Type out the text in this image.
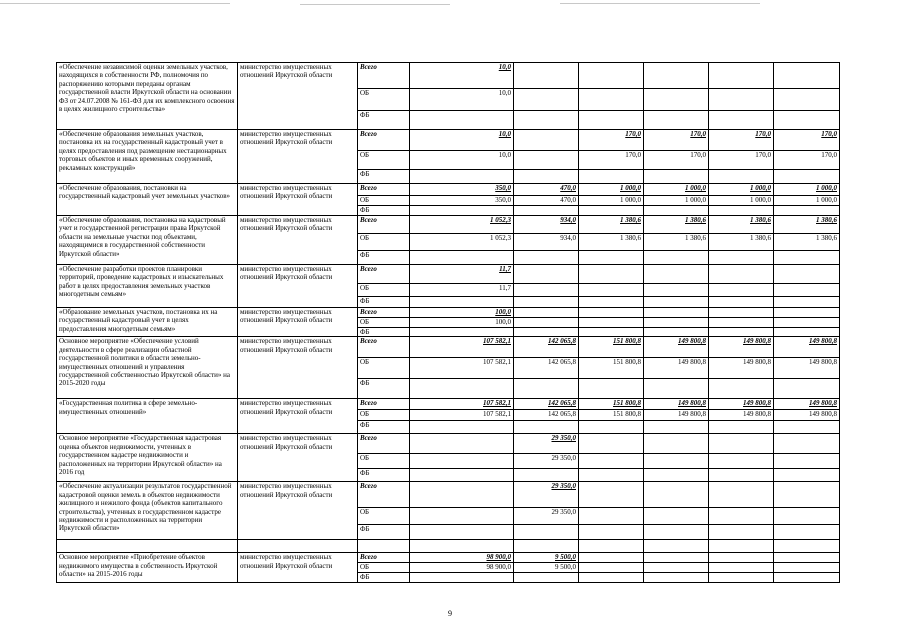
«Обеспечение независимой оценки земельных участков, находящихся в собственности РФ, полномочия по распоряжению которыми переданы органам государственной власти Иркутской области на основании ФЗ от 24.07.2008 № 161-ФЗ для их комплексного освоения в целях жилищного строительства»	министерство имущественных отношений Иркутской области	Всего	10,0					
		ОБ	10,0					
		ФБ						
«Обеспечение образования земельных участков, постановка их на государственный кадастровый учет в целях предоставления под размещение нестационарных торговых объектов и иных временных сооружений, рекламных конструкций»	министерство имущественных отношений Иркутской области	Всего	10,0		170,0	170,0	170,0	170,0
		ОБ	10,0		170,0	170,0	170,0	170,0
		ФБ						
«Обеспечение образования, постановки на государственный кадастровый учет земельных участков»	министерство имущественных отношений Иркутской области	Всего	350,0	470,0	1 000,0	1 000,0	1 000,0	1 000,0
		ОБ	350,0	470,0	1 000,0	1 000,0	1 000,0	1 000,0
		ФБ						
«Обеспечение образования, постановка на кадастровый учет и государственной регистрации права Иркутской области на земельные участки под объектами, находящимися в государственной собственности Иркутской области»	министерство имущественных отношений Иркутской области	Всего	1 052,3	934,0	1 380,6	1 380,6	1 380,6	1 380,6
		ОБ	1 052,3	934,0	1 380,6	1 380,6	1 380,6	1 380,6
		ФБ						
«Обеспечение разработки проектов планировки территорий, проведение кадастровых и изыскательных работ в целях предоставления земельных участков многодетным семьям»	министерство имущественных отношений Иркутской области	Всего	11,7					
		ОБ	11,7					
		ФБ						
«Образование земельных участков, постановка их на государственный кадастровый учет в целях предоставления многодетным семьям»	министерство имущественных отношений Иркутской области	Всего	100,0					
		ОБ	100,0					
		ФБ						
Основное мероприятие «Обеспечение условий деятельности в сфере реализации областной государственной политики в области земельно-имущественных отношений и управления государственной собственностью Иркутской области» на 2015-2020 годы	министерство имущественных отношений Иркутской области	Всего	107 582,1	142 065,8	151 800,8	149 800,8	149 800,8	149 800,8
		ОБ	107 582,1	142 065,8	151 800,8	149 800,8	149 800,8	149 800,8
		ФБ						
«Государственная политика в сфере земельно-имущественных отношений»	министерство имущественных отношений Иркутской области	Всего	107 582,1	142 065,8	151 800,8	149 800,8	149 800,8	149 800,8
		ОБ	107 582,1	142 065,8	151 800,8	149 800,8	149 800,8	149 800,8
		ФБ						
Основное мероприятие «Государственная кадастровая оценка объектов недвижимости, учтенных в государственном кадастре недвижимости и расположенных на территории Иркутской области» на 2016 год	министерство имущественных отношений Иркутской области	Всего		29 350,0				
		ОБ		29 350,0				
		ФБ						
«Обеспечение актуализации результатов государственной кадастровой оценки земель в объектов недвижимости жилищного и нежилого фонда (объектов капитального строительства), учтенных в государственном кадастре недвижимости и расположенных на территории Иркутской области»	министерство имущественных отношений Иркутской области	Всего		29 350,0				
		ОБ		29 350,0				
		ФБ						

Основное мероприятие «Приобретение объектов недвижимого имущества в собственность Иркутской области» на 2015-2016 годы	министерство имущественных отношений Иркутской области	Всего	98 900,0	9 500,0				
		ОБ	98 900,0	9 500,0				
		ФБ						
9
